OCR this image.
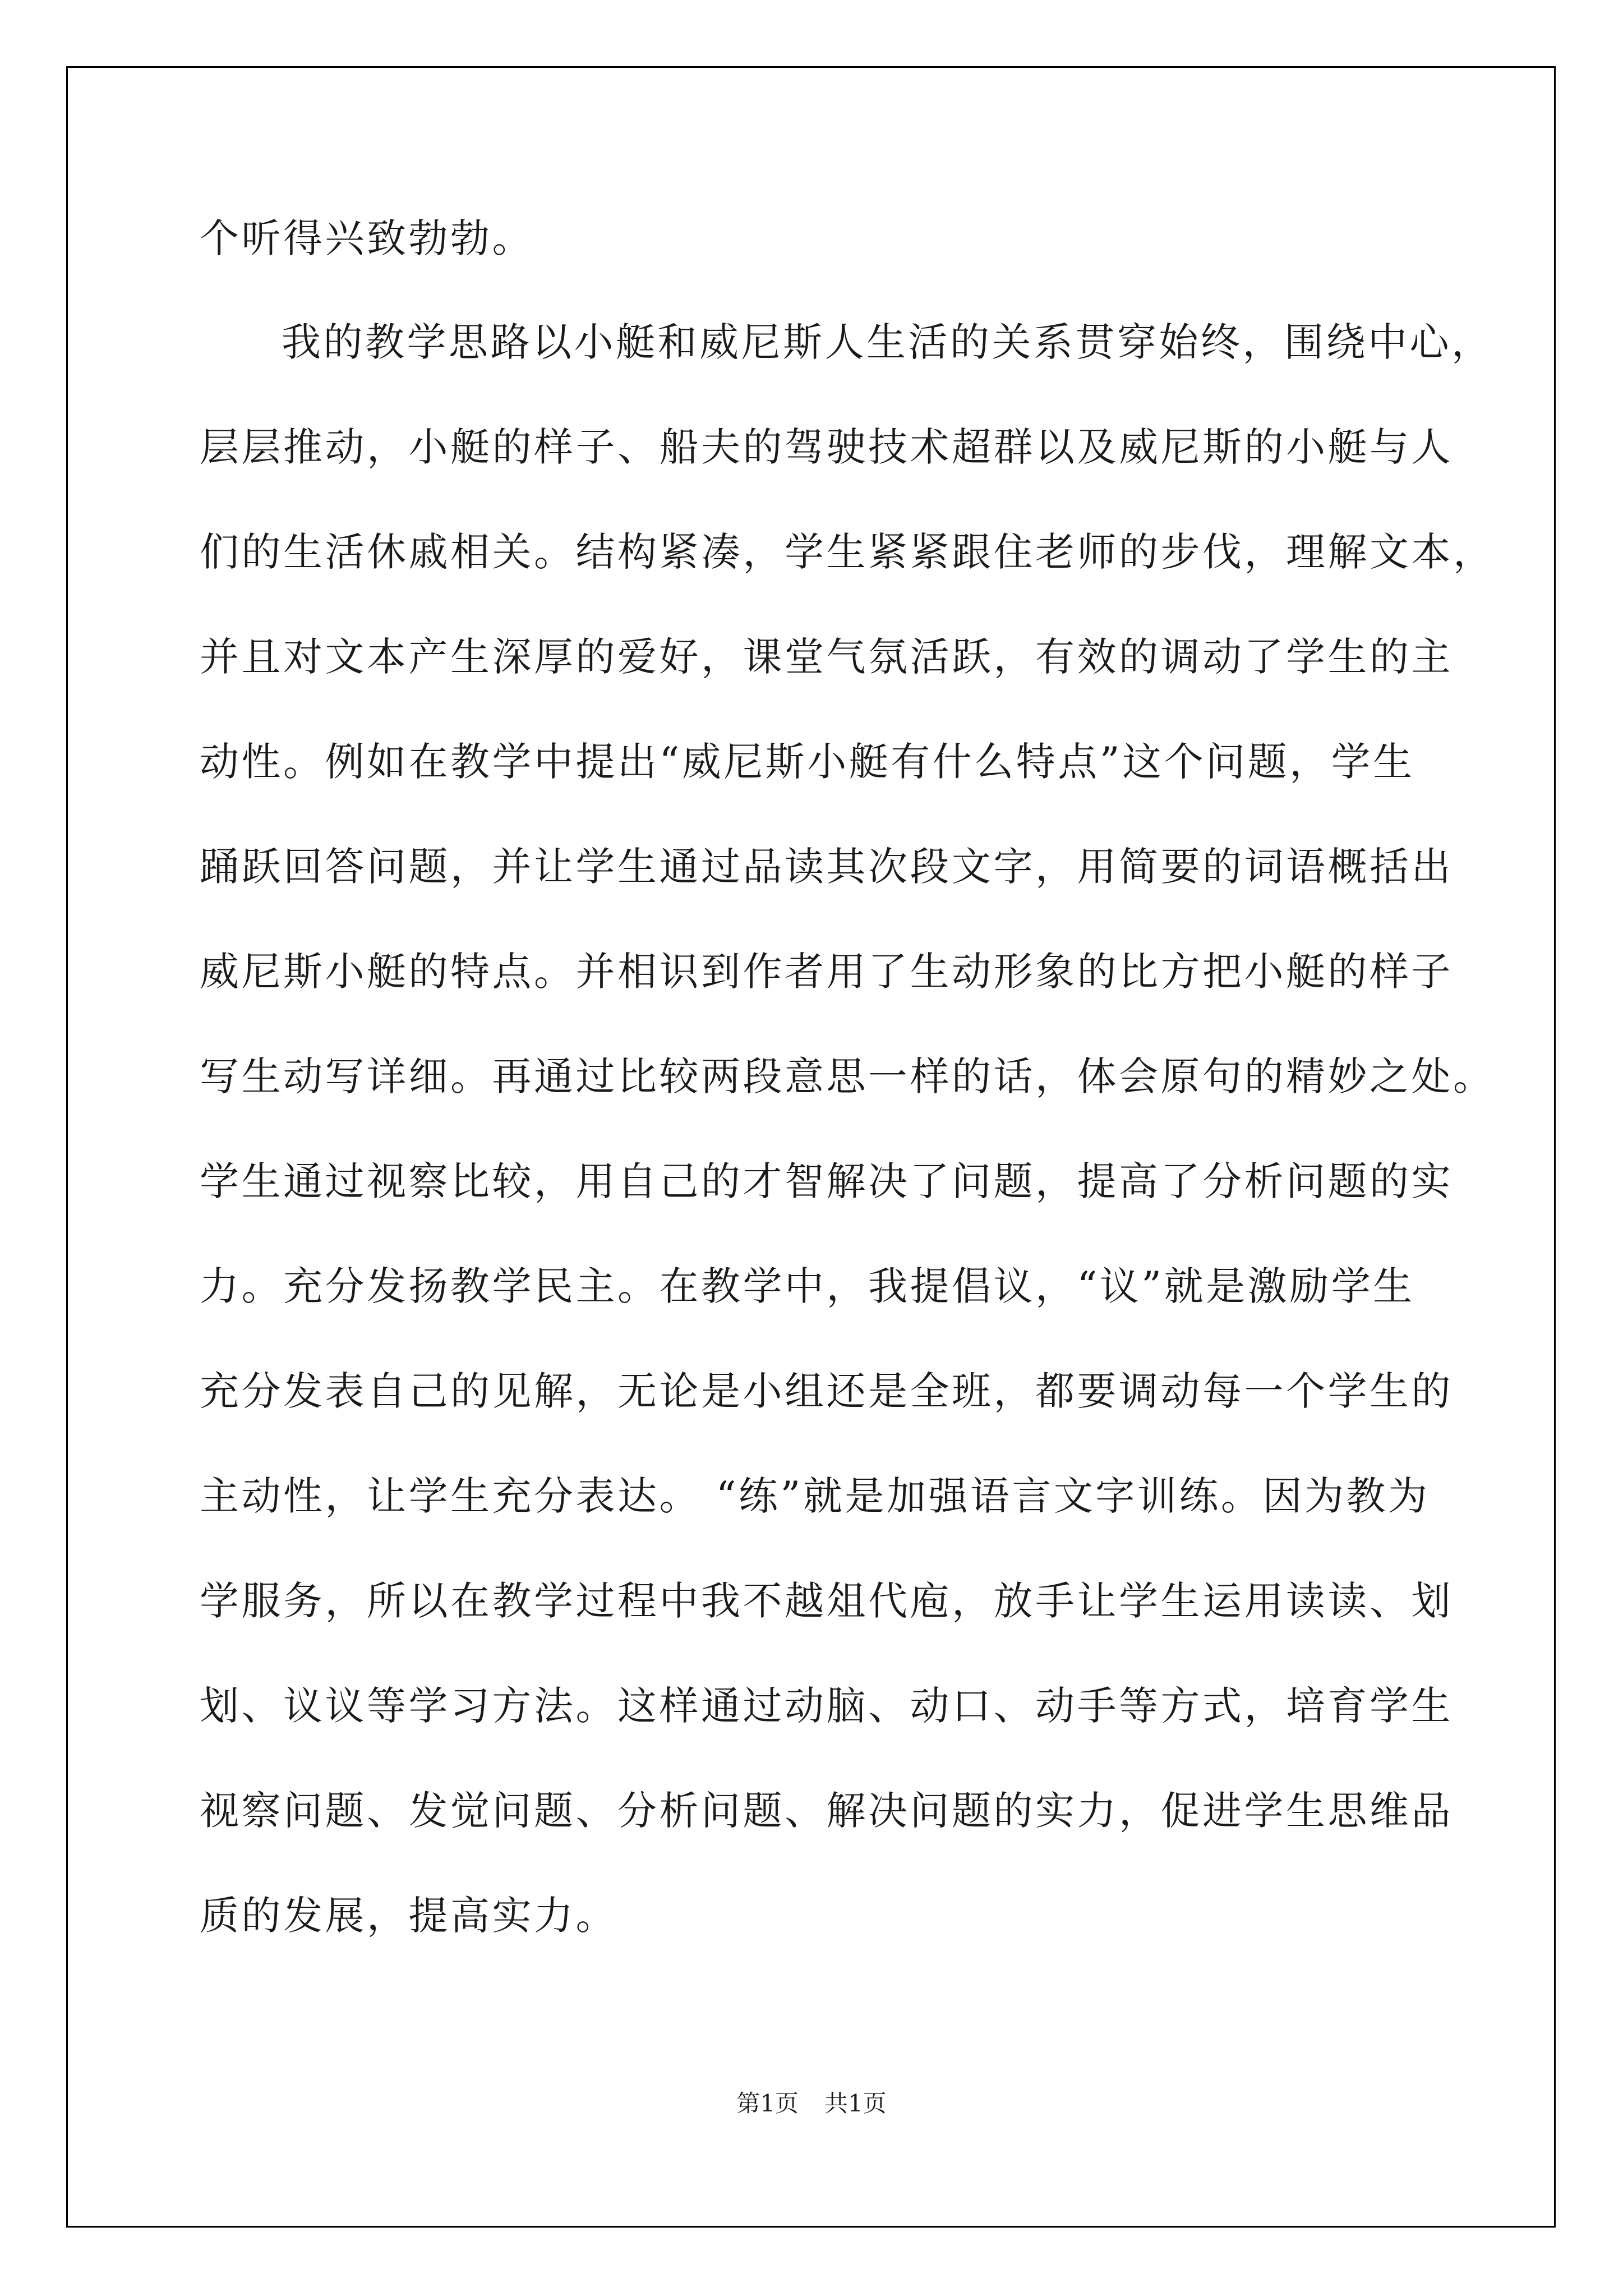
个听得兴致勃勃。

我的教学思路以小艇和威尼斯人生活的关系贯穿始终，围绕中心，

层层推动，小艇的样子、船夫的驾驶技术超群以及威尼斯的小艇与人

们的生活休戚相关。结构紧凑，学生紧紧跟住老师的步伐，理解文本，

并且对文本产生深厚的爱好，课堂气氛活跃，有效的调动了学生的主

动性。例如在教学中提出“威尼斯小艇有什么特点”这个问题，学生

踊跃回答问题，并让学生通过品读其次段文字，用简要的词语概括出

威尼斯小艇的特点。并相识到作者用了生动形象的比方把小艇的样子

写生动写详细。再通过比较两段意思一样的话，体会原句的精妙之处。

学生通过视察比较，用自己的才智解决了问题，提高了分析问题的实

力。充分发扬教学民主。在教学中，我提倡议，“议”就是激励学生

充分发表自己的见解，无论是小组还是全班，都要调动每一个学生的

主动性，让学生充分表达。 “练”就是加强语言文字训练。因为教为

学服务，所以在教学过程中我不越俎代庖，放手让学生运用读读、划

划、议议等学习方法。这样通过动脑、动口、动手等方式，培育学生

视察问题、发觉问题、分析问题、解决问题的实力，促进学生思维品

质的发展，提高实力。

第1页 共1页
